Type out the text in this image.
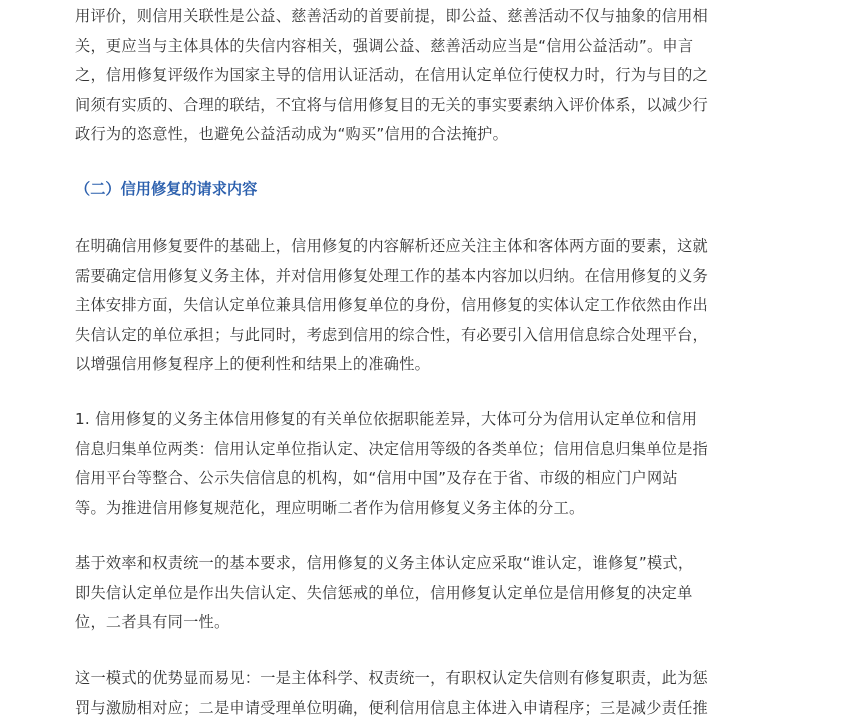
用评价，则信用关联性是公益、慈善活动的首要前提，即公益、慈善活动不仅与抽象的信用相
关，更应当与主体具体的失信内容相关，强调公益、慈善活动应当是“信用公益活动”。申言
之，信用修复评级作为国家主导的信用认证活动，在信用认定单位行使权力时，行为与目的之
间须有实质的、合理的联结，不宜将与信用修复目的无关的事实要素纳入评价体系，以减少行
政行为的恣意性，也避免公益活动成为“购买”信用的合法掩护。
（二）信用修复的请求内容
在明确信用修复要件的基础上，信用修复的内容解析还应关注主体和客体两方面的要素，这就
需要确定信用修复义务主体，并对信用修复处理工作的基本内容加以归纳。在信用修复的义务
主体安排方面，失信认定单位兼具信用修复单位的身份，信用修复的实体认定工作依然由作出
失信认定的单位承担；与此同时，考虑到信用的综合性，有必要引入信用信息综合处理平台，
以增强信用修复程序上的便利性和结果上的准确性。
1. 信用修复的义务主体信用修复的有关单位依据职能差异，大体可分为信用认定单位和信用
信息归集单位两类：信用认定单位指认定、决定信用等级的各类单位；信用信息归集单位是指
信用平台等整合、公示失信信息的机构，如“信用中国”及存在于省、市级的相应门户网站
等。为推进信用修复规范化，理应明晰二者作为信用修复义务主体的分工。
基于效率和权责统一的基本要求，信用修复的义务主体认定应采取“谁认定，谁修复”模式，
即失信认定单位是作出失信认定、失信惩戒的单位，信用修复认定单位是信用修复的决定单
位，二者具有同一性。
这一模式的优势显而易见：一是主体科学、权责统一，有职权认定失信则有修复职责，此为惩
罚与激励相对应；二是申请受理单位明确，便利信用信息主体进入申请程序；三是减少责任推
